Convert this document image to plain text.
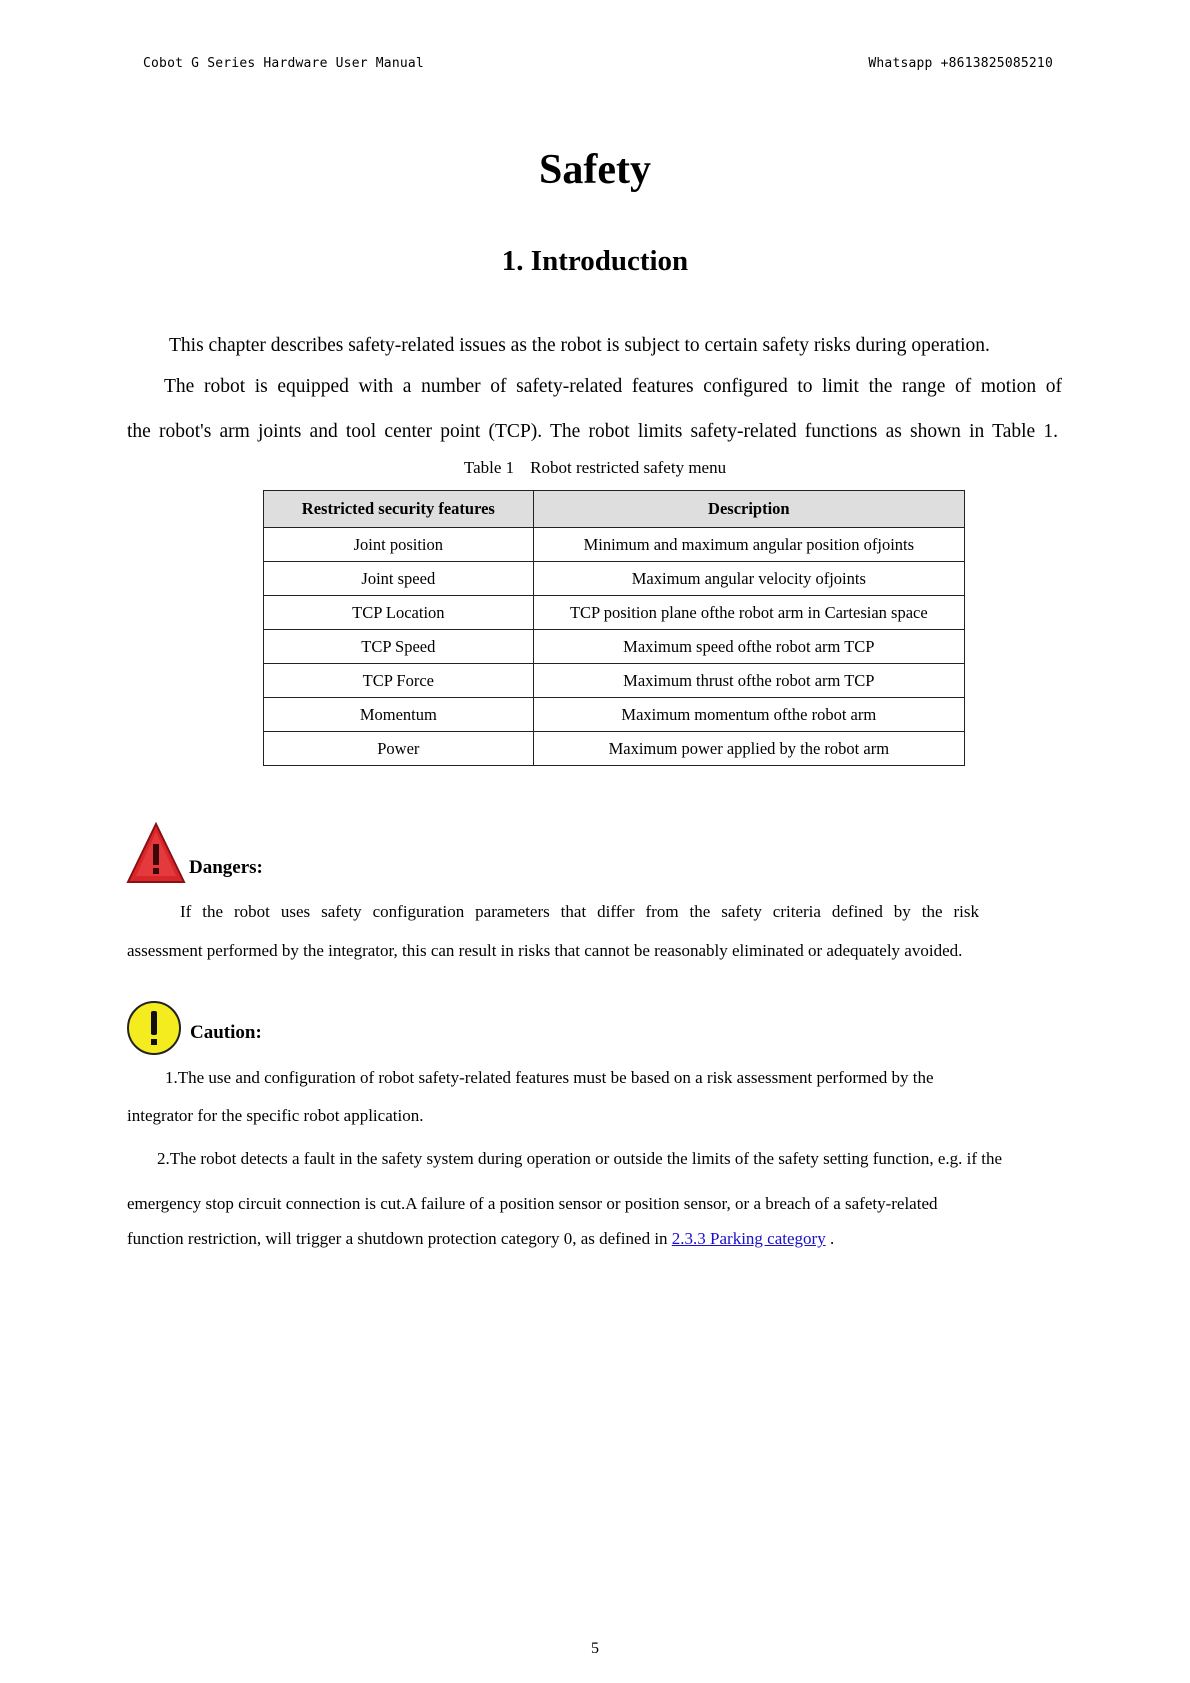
Cobot G Series Hardware User Manual	Whatsapp +8613825085210
Safety
1. Introduction
This chapter describes safety-related issues as the robot is subject to certain safety risks during operation.
The robot is equipped with a number of safety-related features configured to limit the range of motion of
the robot's arm joints and tool center point (TCP). The robot limits safety-related functions as shown in Table 1.
Table 1 Robot restricted safety menu
Restricted security features	Description
Joint position	Minimum and maximum angular position ofjoints
Joint speed	Maximum angular velocity ofjoints
TCP Location	TCP position plane ofthe robot arm in Cartesian space
TCP Speed	Maximum speed ofthe robot arm TCP
TCP Force	Maximum thrust ofthe robot arm TCP
Momentum	Maximum momentum ofthe robot arm
Power	Maximum power applied by the robot arm
Dangers:
If the robot uses safety configuration parameters that differ from the safety criteria defined by the risk
assessment performed by the integrator, this can result in risks that cannot be reasonably eliminated or adequately avoided.
Caution:
1.The use and configuration of robot safety-related features must be based on a risk assessment performed by the
integrator for the specific robot application.
2.The robot detects a fault in the safety system during operation or outside the limits of the safety setting function, e.g. if the
emergency stop circuit connection is cut.A failure of a position sensor or position sensor, or a breach of a safety-related
function restriction, will trigger a shutdown protection category 0, as defined in 2.3.3 Parking category .
5
